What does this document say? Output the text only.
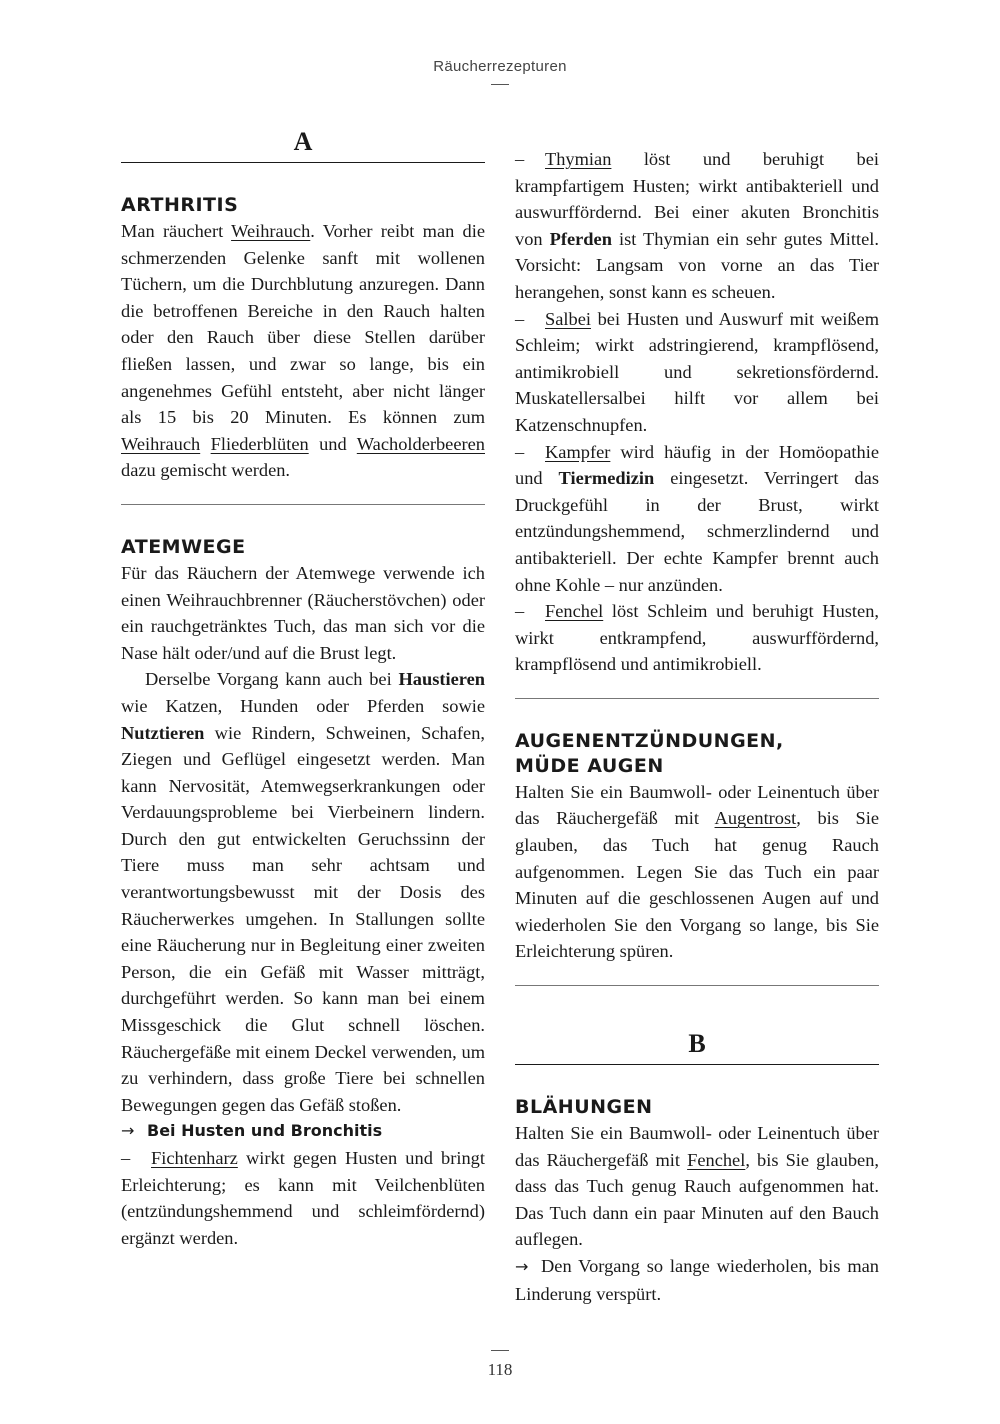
Räucherrezepturen
A
ARTHRITIS

Man räuchert Weihrauch. Vorher reibt man die schmerzenden Gelenke sanft mit wollenen Tüchern, um die Durchblutung anzuregen. Dann die betroffenen Bereiche in den Rauch halten oder den Rauch über diese Stellen darüber fließen lassen, und zwar so lange, bis ein angenehmes Gefühl entsteht, aber nicht länger als 15 bis 20 Minuten. Es können zum Weihrauch Fliederblüten und Wacholderbeeren dazu gemischt werden.

ATEMWEGE

Für das Räuchern der Atemwege verwende ich einen Weihrauchbrenner (Räucherstövchen) oder ein rauchgetränktes Tuch, das man sich vor die Nase hält oder/und auf die Brust legt.

Derselbe Vorgang kann auch bei Haustieren wie Katzen, Hunden oder Pferden sowie Nutztieren wie Rindern, Schweinen, Schafen, Ziegen und Geflügel eingesetzt werden. Man kann Nervosität, Atemwegserkrankungen oder Verdauungsprobleme bei Vierbeinern lindern. Durch den gut entwickelten Geruchssinn der Tiere muss man sehr achtsam und verantwortungsbewusst mit der Dosis des Räucherwerkes umgehen. In Stallungen sollte eine Räucherung nur in Begleitung einer zweiten Person, die ein Gefäß mit Wasser mitträgt, durchgeführt werden. So kann man bei einem Missgeschick die Glut schnell löschen. Räuchergefäße mit einem Deckel verwenden, um zu verhindern, dass große Tiere bei schnellen Bewegungen gegen das Gefäß stoßen.

→ Bei Husten und Bronchitis

– Fichtenharz wirkt gegen Husten und bringt Erleichterung; es kann mit Veilchenblüten (entzündungshemmend und schleimfördernd) ergänzt werden.

– Thymian löst und beruhigt bei krampfartigem Husten; wirkt antibakteriell und auswurffördernd. Bei einer akuten Bronchitis von Pferden ist Thymian ein sehr gutes Mittel. Vorsicht: Langsam von vorne an das Tier herangehen, sonst kann es scheuen.

– Salbei bei Husten und Auswurf mit weißem Schleim; wirkt adstringierend, krampflösend, antimikrobiell und sekretionsfördernd. Muskatellersalbei hilft vor allem bei Katzenschnupfen.

– Kampfer wird häufig in der Homöopathie und Tiermedizin eingesetzt. Verringert das Druckgefühl in der Brust, wirkt entzündungshemmend, schmerzlindernd und antibakteriell. Der echte Kampfer brennt auch ohne Kohle – nur anzünden.

– Fenchel löst Schleim und beruhigt Husten, wirkt entkrampfend, auswurffördernd, krampflösend und antimikrobiell.

AUGENENTZÜNDUNGEN,
MÜDE AUGEN

Halten Sie ein Baumwoll- oder Leinentuch über das Räuchergefäß mit Augentrost, bis Sie glauben, das Tuch hat genug Rauch aufgenommen. Legen Sie das Tuch ein paar Minuten auf die geschlossenen Augen auf und wiederholen Sie den Vorgang so lange, bis Sie Erleichterung spüren.

B
BLÄHUNGEN

Halten Sie ein Baumwoll- oder Leinentuch über das Räuchergefäß mit Fenchel, bis Sie glauben, dass das Tuch genug Rauch aufgenommen hat. Das Tuch dann ein paar Minuten auf den Bauch auflegen.

→ Den Vorgang so lange wiederholen, bis man Linderung verspürt.

118
